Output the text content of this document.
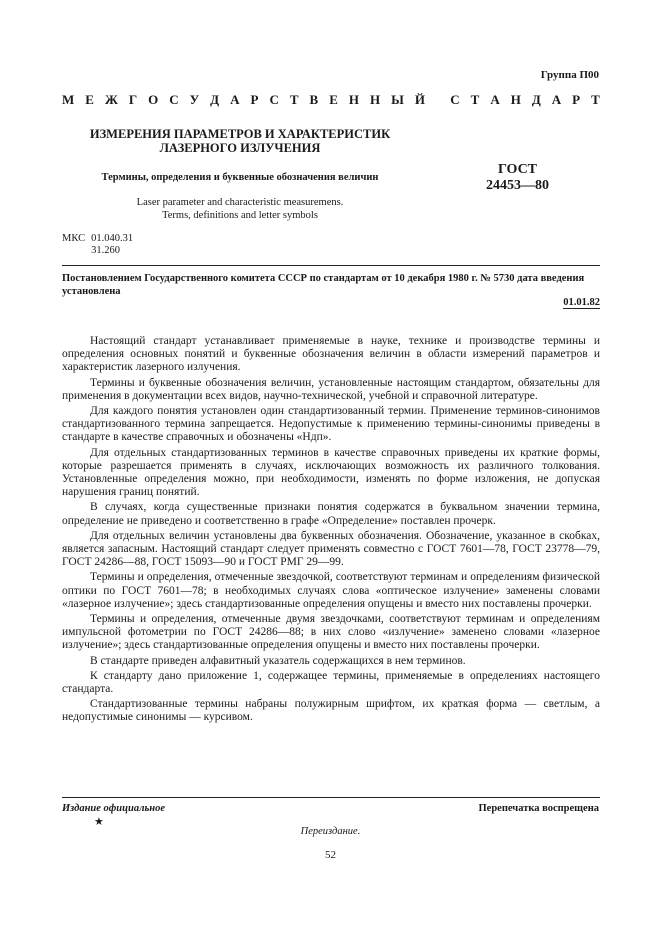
Группа П00
М Е Ж Г О С У Д А Р С Т В Е Н Н Ы Й
С Т А Н Д А Р Т
ИЗМЕРЕНИЯ ПАРАМЕТРОВ И ХАРАКТЕРИСТИК
ЛАЗЕРНОГО ИЗЛУЧЕНИЯ
Термины, определения и буквенные обозначения величин
ГОСТ
24453—80
Laser parameter and characteristic measuremens.
Terms, definitions and letter symbols
МКС 01.040.31
31.260
Постановлением Государственного комитета СССР по стандартам от 10 декабря 1980 г. № 5730 дата введения установлена
01.01.82

Настоящий стандарт устанавливает применяемые в науке, технике и производстве термины и определения основных понятий и буквенные обозначения величин в области измерений параметров и характеристик лазерного излучения.

Термины и буквенные обозначения величин, установленные настоящим стандартом, обязательны для применения в документации всех видов, научно-технической, учебной и справочной литературе.

Для каждого понятия установлен один стандартизованный термин. Применение терминов-синонимов стандартизованного термина запрещается. Недопустимые к применению термины-синонимы приведены в стандарте в качестве справочных и обозначены «Ндп».

Для отдельных стандартизованных терминов в качестве справочных приведены их краткие формы, которые разрешается применять в случаях, исключающих возможность их различного толкования. Установленные определения можно, при необходимости, изменять по форме изложения, не допуская нарушения границ понятий.

В случаях, когда существенные признаки понятия содержатся в буквальном значении термина, определение не приведено и соответственно в графе «Определение» поставлен прочерк.

Для отдельных величин установлены два буквенных обозначения. Обозначение, указанное в скобках, является запасным. Настоящий стандарт следует применять совместно с ГОСТ 7601—78, ГОСТ 23778—79, ГОСТ 24286—88, ГОСТ 15093—90 и ГОСТ РМГ 29—99.

Термины и определения, отмеченные звездочкой, соответствуют терминам и определениям физической оптики по ГОСТ 7601—78; в необходимых случаях слова «оптическое излучение» заменены словами «лазерное излучение»; здесь стандартизованные определения опущены и вместо них поставлены прочерки.

Термины и определения, отмеченные двумя звездочками, соответствуют терминам и определениям импульсной фотометрии по ГОСТ 24286—88; в них слово «излучение» заменено словами «лазерное излучение»; здесь стандартизованные определения опущены и вместо них поставлены прочерки.

В стандарте приведен алфавитный указатель содержащихся в нем терминов.

К стандарту дано приложение 1, содержащее термины, применяемые в определениях настоящего стандарта.

Стандартизованные термины набраны полужирным шрифтом, их краткая форма — светлым, а недопустимые синонимы — курсивом.

Издание официальное	Перепечатка воспрещена
★
Переиздание.
52
